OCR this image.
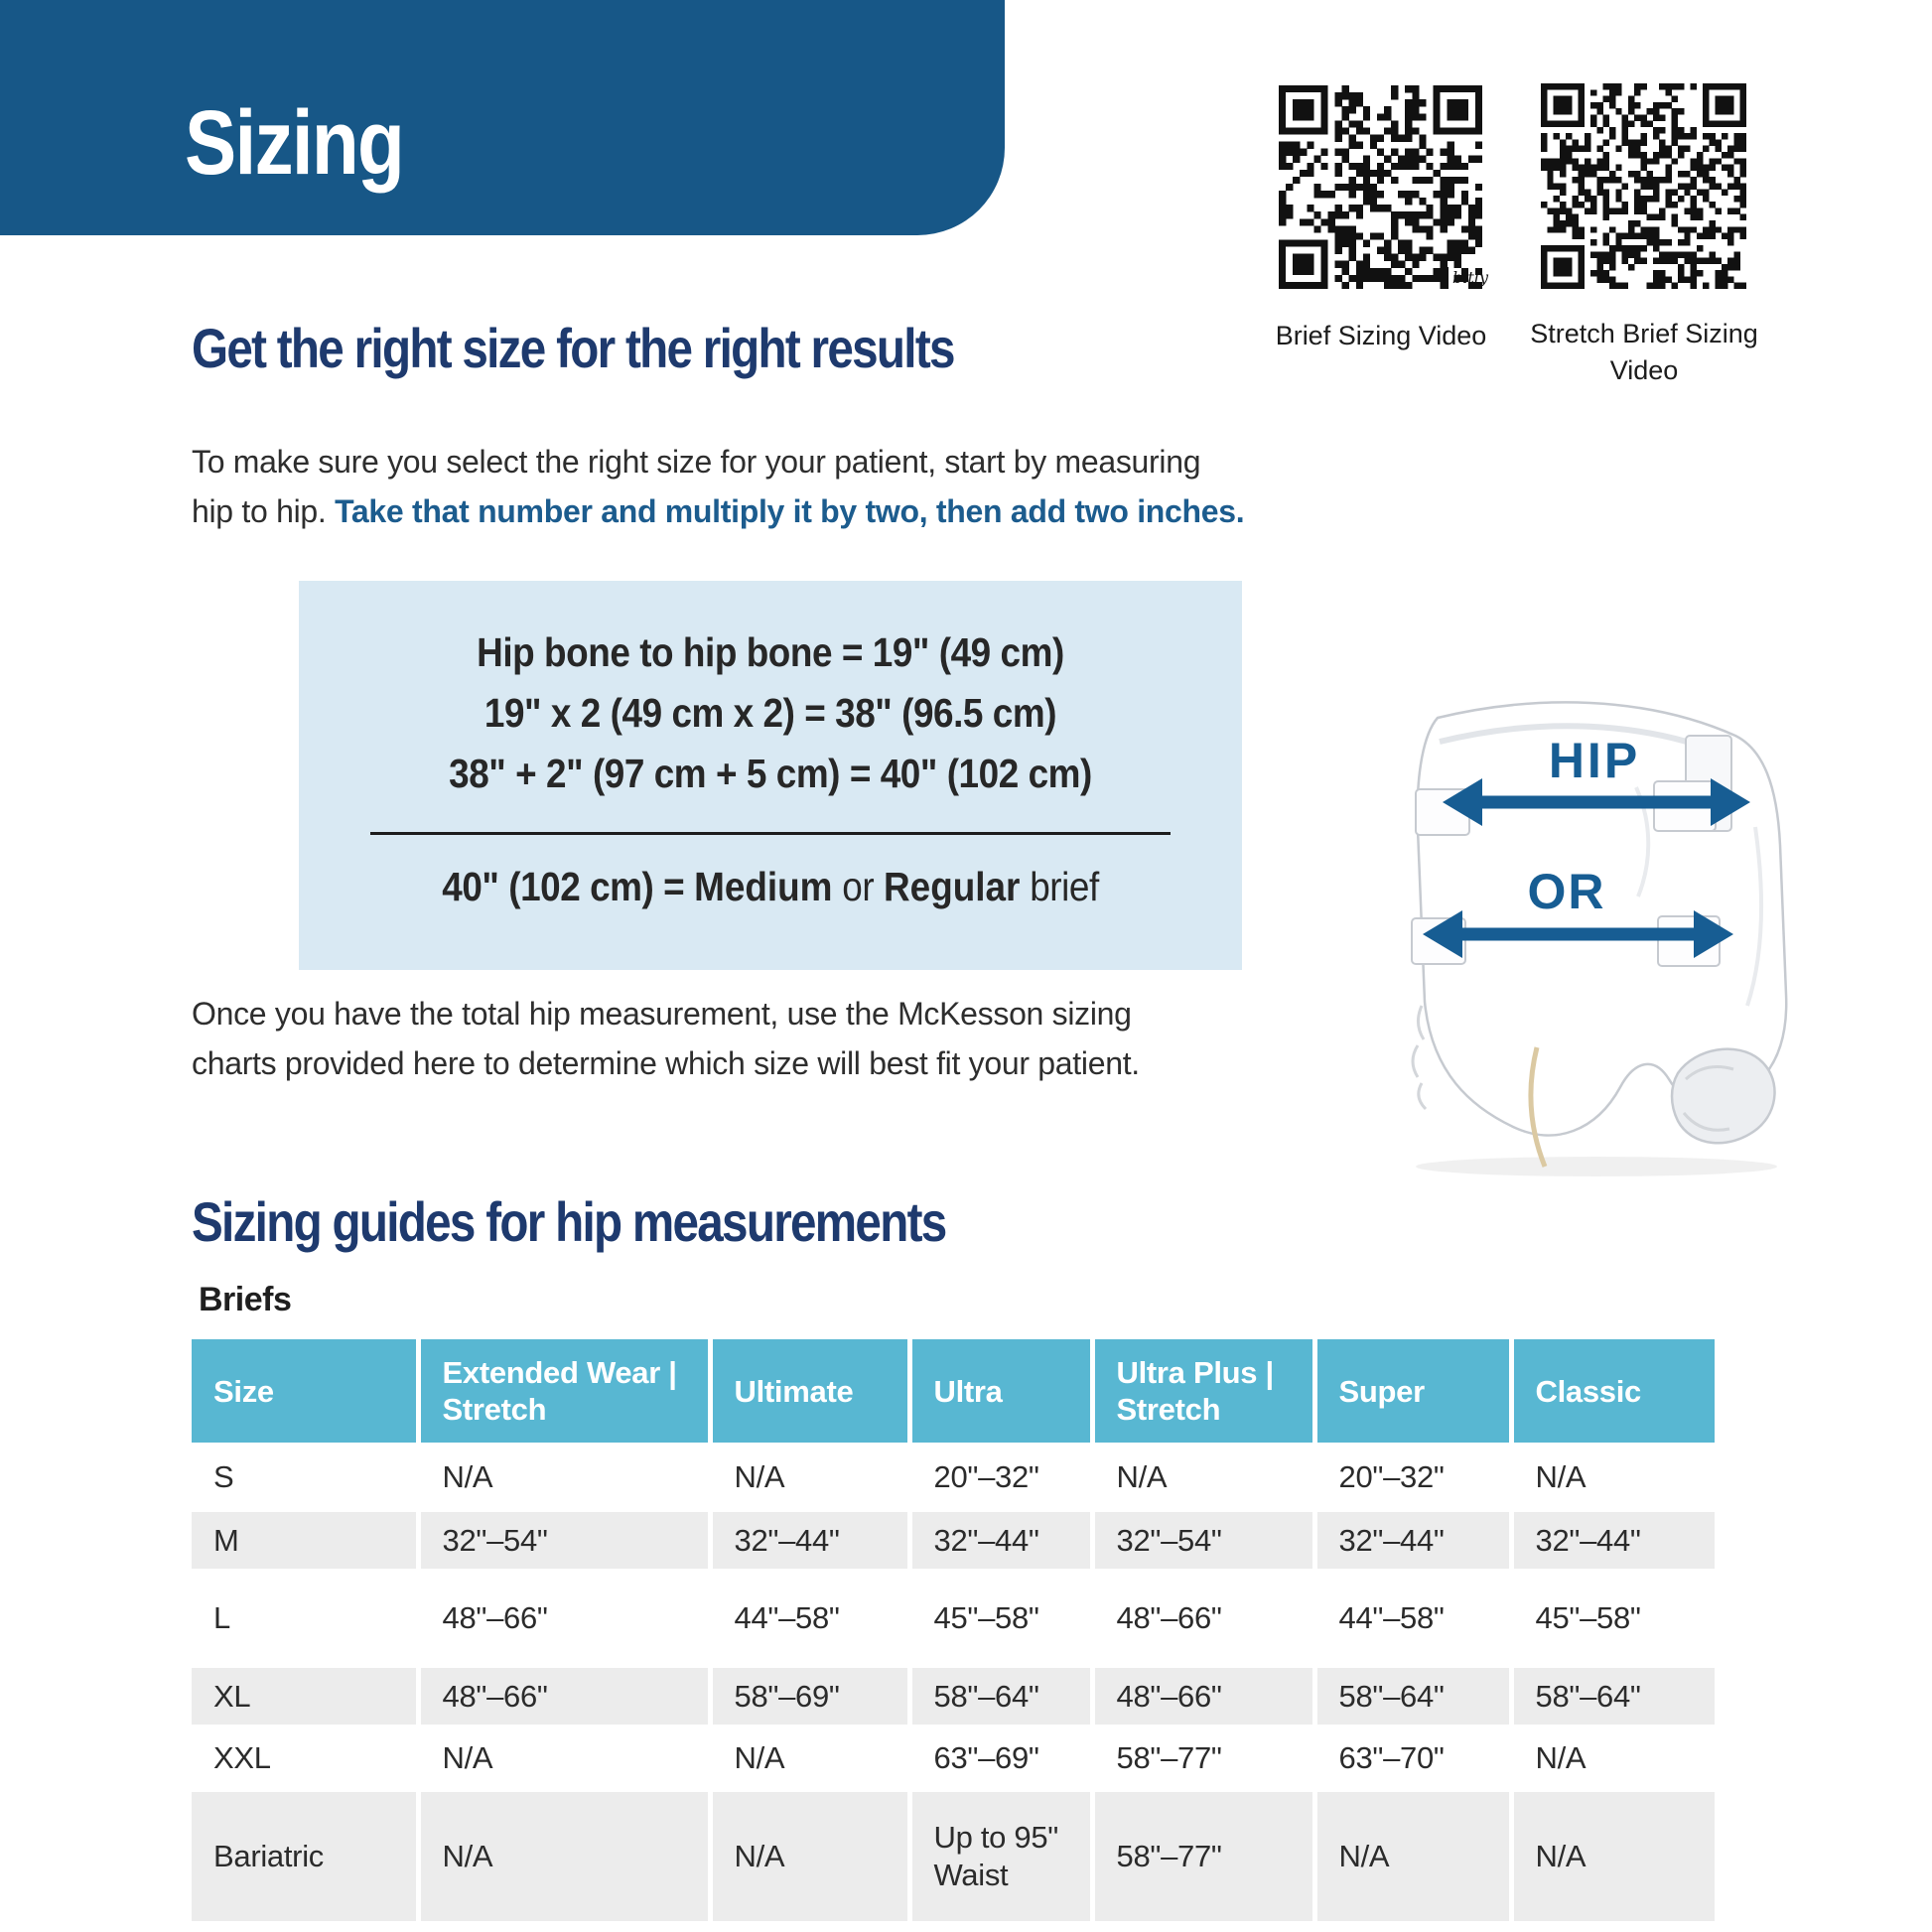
Sizing
bitly
Brief Sizing Video	Stretch Brief Sizing Video
Get the right size for the right results

To make sure you select the right size for your patient, start by measuring
hip to hip. Take that number and multiply it by two, then add two inches.

Hip bone to hip bone = 19" (49 cm)
19" x 2 (49 cm x 2) = 38" (96.5 cm)
38" + 2" (97 cm + 5 cm) = 40" (102 cm)
40" (102 cm) = Medium or Regular brief
HIP
OR

Once you have the total hip measurement, use the McKesson sizing
charts provided here to determine which size will best fit your patient.

Sizing guides for hip measurements
Briefs
Size	Extended Wear | Stretch	Ultimate	Ultra	Ultra Plus | Stretch	Super	Classic
S	N/A	N/A	20"–32"	N/A	20"–32"	N/A
M	32"–54"	32"–44"	32"–44"	32"–54"	32"–44"	32"–44"
L	48"–66"	44"–58"	45"–58"	48"–66"	44"–58"	45"–58"
XL	48"–66"	58"–69"	58"–64"	48"–66"	58"–64"	58"–64"
XXL	N/A	N/A	63"–69"	58"–77"	63"–70"	N/A
Bariatric	N/A	N/A	Up to 95" Waist	58"–77"	N/A	N/A
